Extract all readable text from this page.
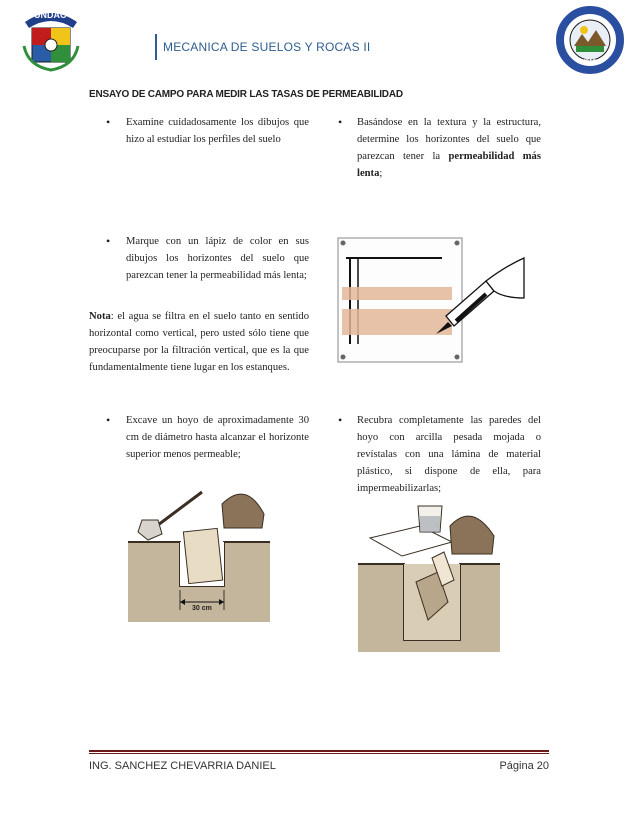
UNDAC
MECANICA DE SUELOS Y ROCAS II
UNDAC
ENSAYO DE CAMPO PARA MEDIR LAS TASAS DE PERMEABILIDAD
• Examine cuidadosamente los dibujos que hizo al estudiar los perfiles del suelo
• Basándose en la textura y la estructura, determine los horizontes del suelo que parezcan tener la permeabilidad más lenta;
• Marque con un lápiz de color en sus dibujos los horizontes del suelo que parezcan tener la permeabilidad más lenta;
Nota: el agua se filtra en el suelo tanto en sentido horizontal como vertical, pero usted sólo tiene que preocuparse por la filtración vertical, que es la que fundamentalmente tiene lugar en los estanques.
• Excave un hoyo de aproximadamente 30 cm de diámetro hasta alcanzar el horizonte superior menos permeable;
• Recubra completamente las paredes del hoyo con arcilla pesada mojada o revístalas con una lámina de material plástico, si dispone de ella, para impermeabilizarlas;
30 cm
ING. SANCHEZ CHEVARRIA DANIEL	Página 20
